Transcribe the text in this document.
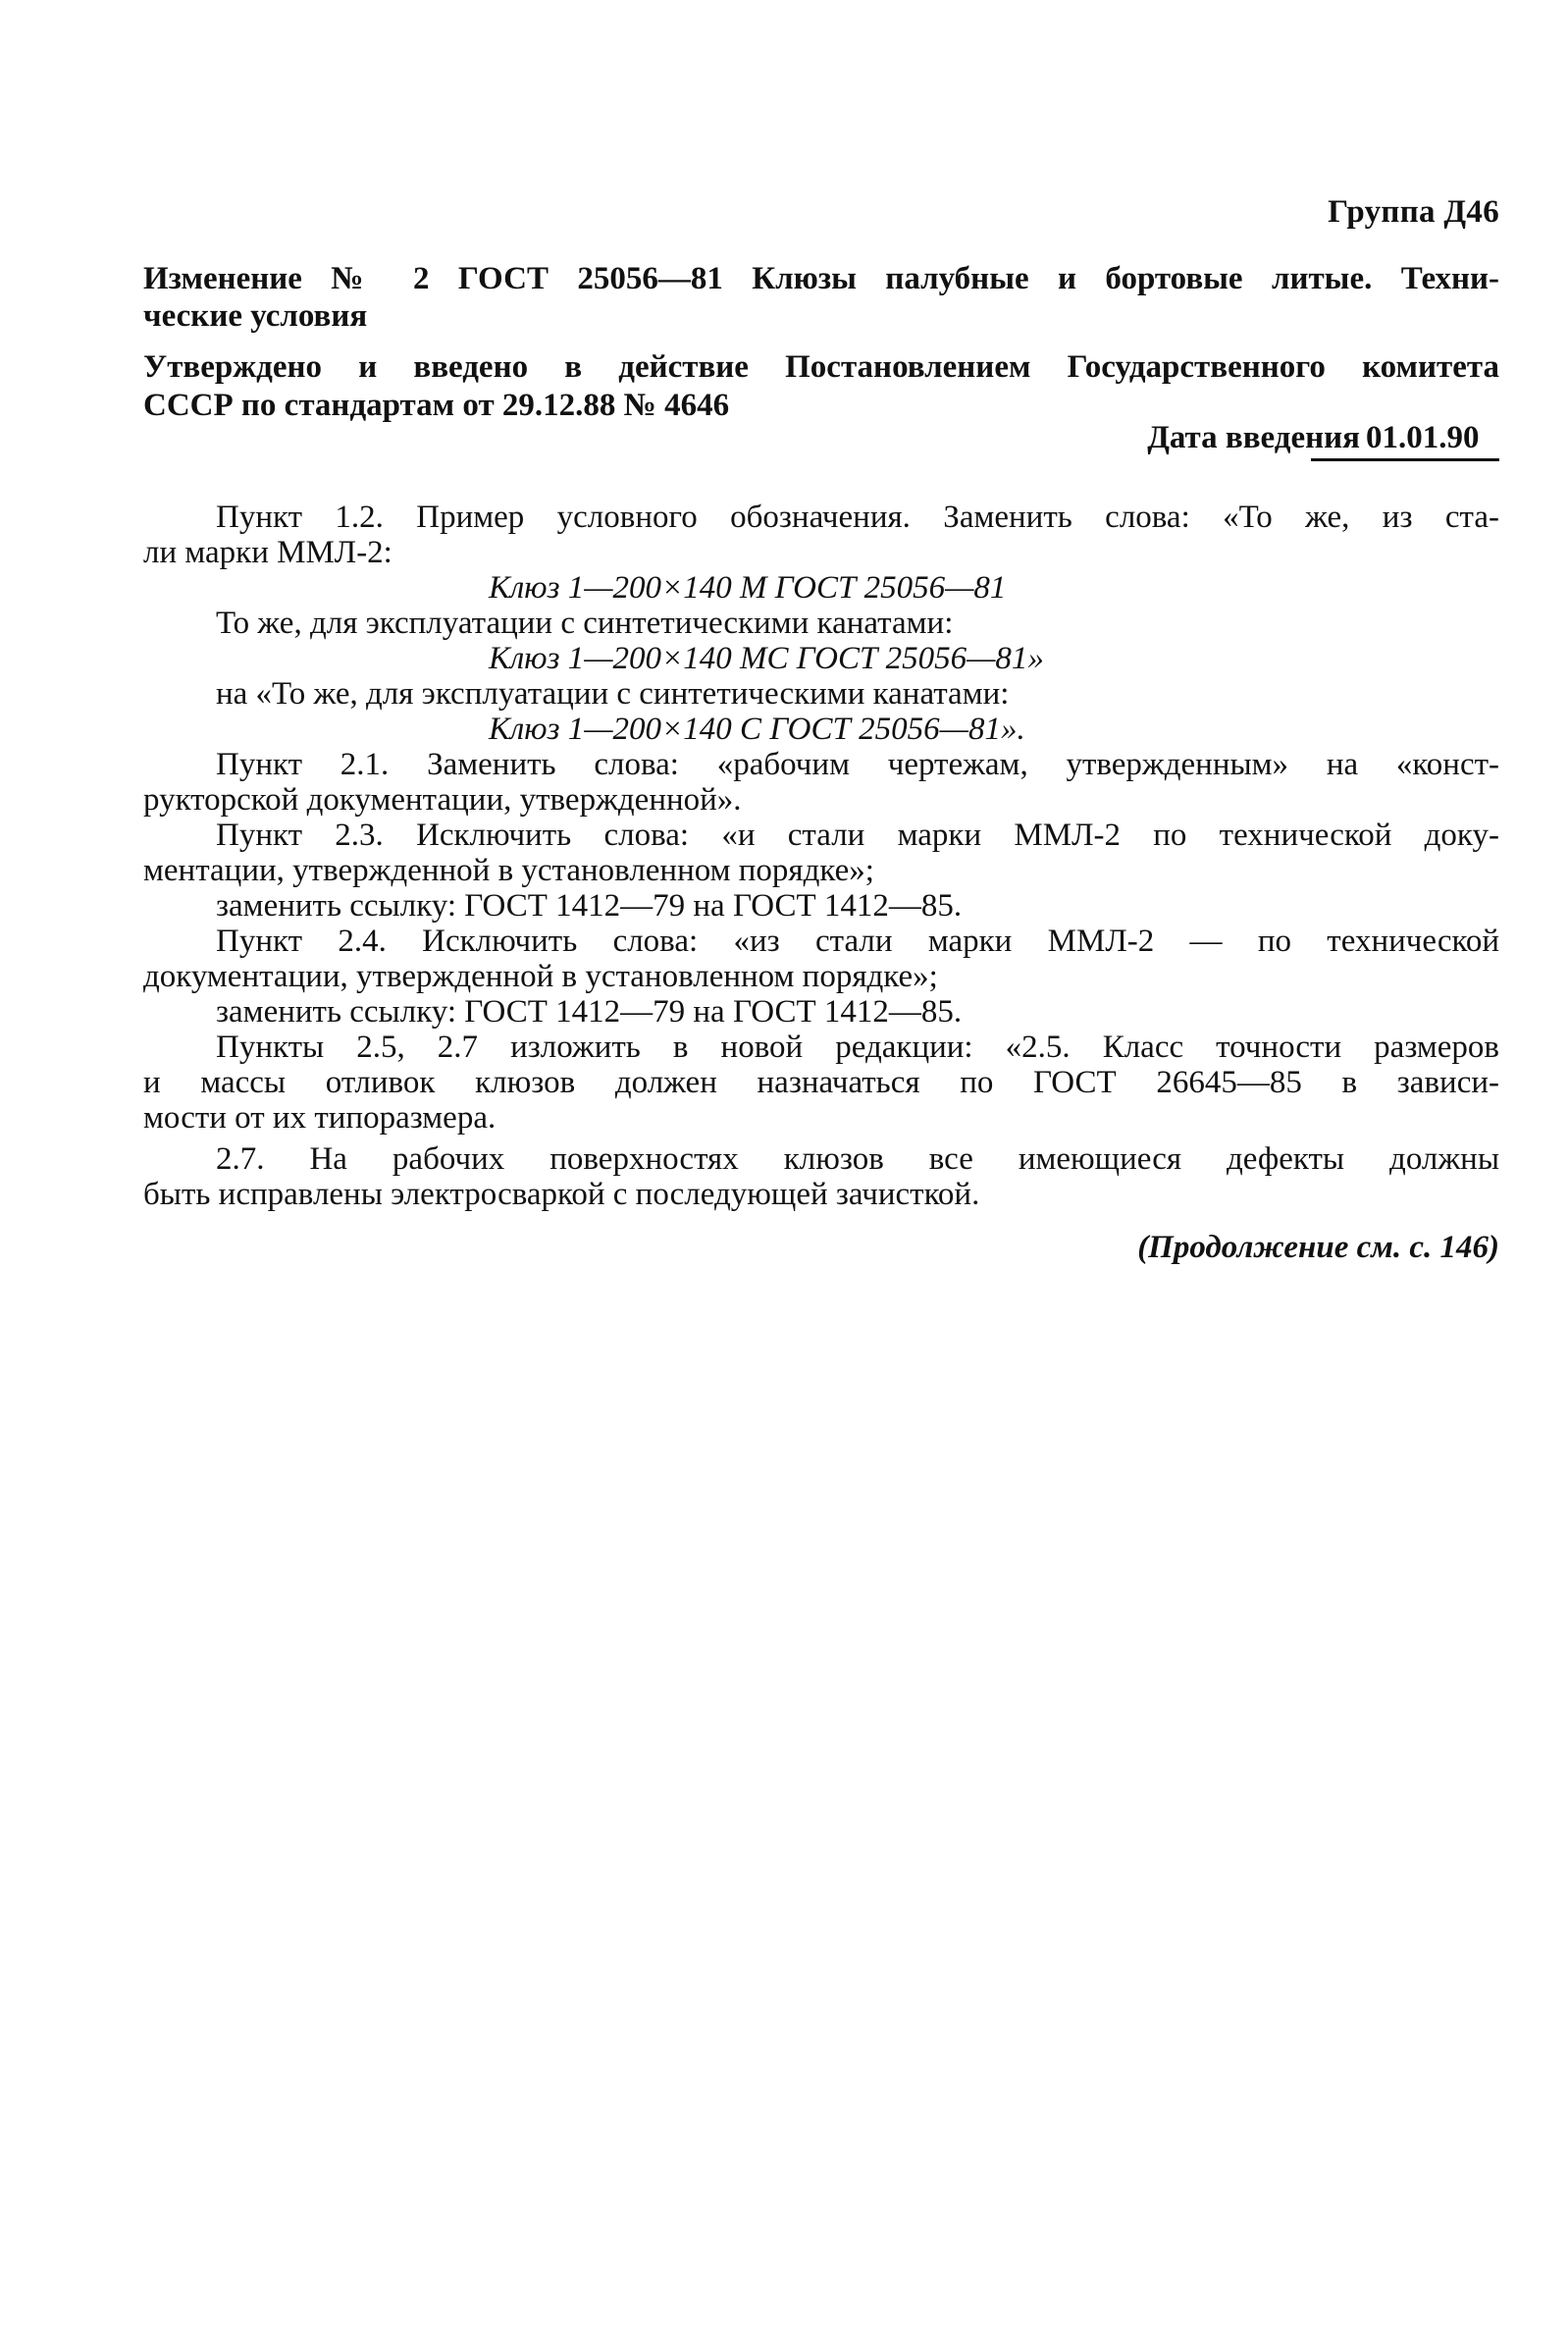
Группа Д46
Изменение № 2 ГОСТ 25056—81 Клюзы палубные и бортовые литые. Техни-
ческие условия
Утверждено и введено в действие Постановлением Государственного комитета
СССР по стандартам от 29.12.88 № 4646
Дата введения 01.01.90
Пункт 1.2. Пример условного обозначения. Заменить слова: «То же, из ста-
ли марки ММЛ-2:
Клюз 1—200×140 М ГОСТ 25056—81
То же, для эксплуатации с синтетическими канатами:
Клюз 1—200×140 МС ГОСТ 25056—81»
на «То же, для эксплуатации с синтетическими канатами:
Клюз 1—200×140 С ГОСТ 25056—81».
Пункт 2.1. Заменить слова: «рабочим чертежам, утвержденным» на «конст-
рукторской документации, утвержденной».
Пункт 2.3. Исключить слова: «и стали марки ММЛ-2 по технической доку-
ментации, утвержденной в установленном порядке»;
заменить ссылку: ГОСТ 1412—79 на ГОСТ 1412—85.
Пункт 2.4. Исключить слова: «из стали марки ММЛ-2 — по технической
документации, утвержденной в установленном порядке»;
заменить ссылку: ГОСТ 1412—79 на ГОСТ 1412—85.
Пункты 2.5, 2.7 изложить в новой редакции: «2.5. Класс точности размеров
и массы отливок клюзов должен назначаться по ГОСТ 26645—85 в зависи-
мости от их типоразмера.
2.7. На рабочих поверхностях клюзов все имеющиеся дефекты должны
быть исправлены электросваркой с последующей зачисткой.
(Продолжение см. с. 146)
